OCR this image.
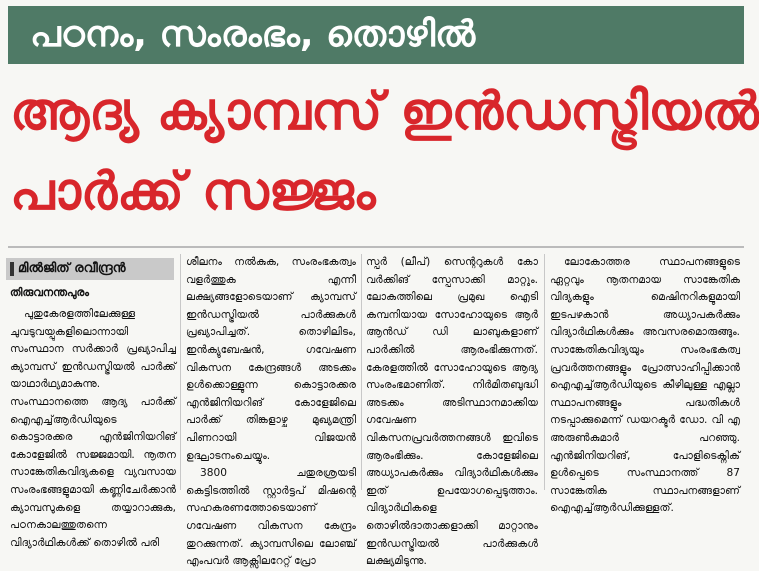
പഠനം, സംരംഭം, തൊഴിൽ
ആദ്യ ക്യാമ്പസ് ഇൻഡസ്ട്രിയൽ
പാർക്ക് സജ്ജം
മിൽജിത് രവീന്ദ്രൻ
തിരുവനന്തപുരം

പുതുകേരളത്തിലേക്കുള്ള ചുവടുവയ്പുകളിലൊന്നായി സംസ്ഥാന സർക്കാർ പ്രഖ്യാപിച്ച ക്യാമ്പസ് ഇൻഡസ്ട്രിയൽ പാർക്ക് യാഥാർഥ്യമാകുന്നു. സംസ്ഥാനത്തെ ആദ്യ പാർക്ക് ഐഎച്ച്ആർഡിയുടെ കൊട്ടാരക്കര എൻജിനിയറിങ് കോളേജിൽ സജ്ജമായി. നൂതന സാങ്കേതികവിദ്യകളെ വ്യവസായ സംരംഭങ്ങളുമായി കണ്ണിചേർക്കാൻ ക്യാമ്പസുകളെ തയ്യാറാക്കുക, പഠനകാലത്തുതന്നെ വിദ്യാർഥികൾക്ക് തൊഴിൽ പരി

ശീലനം നൽകുക, സംരംഭകത്വം വളർത്തുക എന്നീ ലക്ഷ്യങ്ങളോടെയാണ് ക്യാമ്പസ് ഇൻഡസ്ട്രിയൽ പാർക്കുകൾ പ്രഖ്യാപിച്ചത്. തൊഴിലിടം, ഇൻക്യുബേഷൻ, ഗവേഷണ വികസന കേന്ദ്രങ്ങൾ അടക്കം ഉൾക്കൊള്ളുന്ന കൊട്ടാരക്കര എൻജിനിയറിങ് കോളേജിലെ പാർക്ക് തിങ്കളാഴ്ച മുഖ്യമന്ത്രി പിണറായി വിജയൻ ഉദ്ഘാടനംചെയ്യും.

3800 ചതുരശ്രയടി കെട്ടിടത്തിൽ സ്റ്റാർട്ടപ് മിഷന്റെ സഹകരണത്തോടെയാണ് ഗവേഷണ വികസന കേന്ദ്രം തുറക്കുന്നത്. ക്യാമ്പസിലെ ലോഞ്ച് എംപവർ ആക്സിലറേറ്റ് പ്രോ

സ്പർ (ലീപ്) സെന്ററുകൾ കോ വർക്കിങ് സ്പേസാക്കി മാറ്റും. ലോകത്തിലെ പ്രമുഖ ഐടി കമ്പനിയായ സോഹോയുടെ ആർ ആൻഡ് ഡി ലാബുകളാണ് പാർക്കിൽ ആരംഭിക്കുന്നത്. കേരളത്തിൽ സോഹോയുടെ ആദ്യ സംരംഭമാണിത്. നിർമിതബുദ്ധി അടക്കം അടിസ്ഥാനമാക്കിയ ഗവേഷണ വികസനപ്രവർത്തനങ്ങൾ ഇവിടെ ആരംഭിക്കും. കോളേജിലെ അധ്യാപകർക്കും വിദ്യാർഥികൾക്കും ഇത് ഉപയോഗപ്പെടുത്താം. വിദ്യാർഥികളെ തൊഴിൽദാതാക്കളാക്കി മാറ്റാനും ഇൻഡസ്ട്രിയൽ പാർക്കുകൾ ലക്ഷ്യമിടുന്നു.

ലോകോത്തര സ്ഥാപനങ്ങളുടെ ഏറ്റവും നൂതനമായ സാങ്കേതിക വിദ്യകളും മെഷിനറികളുമായി ഇടപഴകാൻ അധ്യാപകർക്കും വിദ്യാർഥികൾക്കും അവസരമൊരുങ്ങും. സാങ്കേതികവിദ്യയും സംരംഭകത്വ പ്രവർത്തനങ്ങളും പ്രോത്സാഹിപ്പിക്കാൻ ഐഎച്ച്ആർഡിയുടെ കീഴിലുള്ള എല്ലാ സ്ഥാപനങ്ങളും പദ്ധതികൾ നടപ്പാക്കുമെന്ന് ഡയറക്ടർ ഡോ. വി എ അരുൺകുമാർ പറഞ്ഞു. എൻജിനിയറിങ്, പോളിടെക്നിക് ഉൾപ്പെടെ സംസ്ഥാനത്ത് 87 സാങ്കേതിക സ്ഥാപനങ്ങളാണ് ഐഎച്ച്ആർഡിക്കുള്ളത്.
